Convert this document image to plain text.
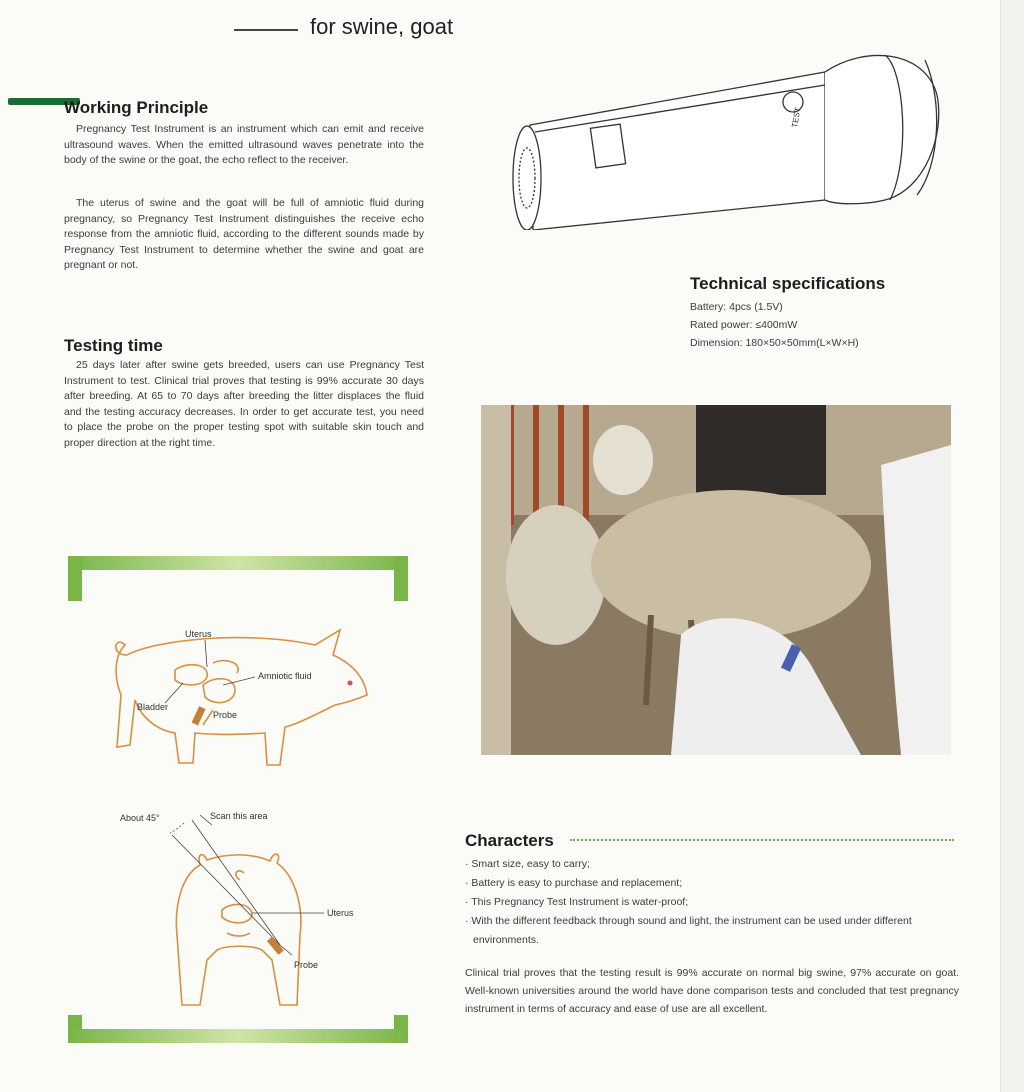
for swine, goat
Working Principle

Pregnancy Test Instrument is an instrument which can emit and receive ultrasound waves. When the emitted ultrasound waves penetrate into the body of the swine or the goat, the echo reflect to the receiver.

The uterus of swine and the goat will be full of amniotic fluid during pregnancy, so Pregnancy Test Instrument distinguishes the receive echo response from the amniotic fluid, according to the different sounds made by Pregnancy Test Instrument to determine whether the swine and goat are pregnant or not.

Testing time

25 days later after swine gets breeded, users can use Pregnancy Test Instrument to test. Clinical trial proves that testing is 99% accurate 30 days after breeding. At 65 to 70 days after breeding the litter displaces the fluid and the testing accuracy decreases. In order to get accurate test, you need to place the probe on the proper testing spot with suitable skin touch and proper direction at the right time.

TEST
Technical specifications
Battery: 4pcs (1.5V)
Rated power: ≤400mW
Dimension: 180×50×50mm(L×W×H)
Uterus
Amniotic fluid
Bladder
Probe
About 45°	Scan this area
Uterus
Probe
Characters
· Smart size, easy to carry;
· Battery is easy to purchase and replacement;
· This Pregnancy Test Instrument is water-proof;
· With the different feedback through sound and light, the instrument can be used under different environments.

Clinical trial proves that the testing result is 99% accurate on normal big swine, 97% accurate on goat. Well-known universities around the world have done comparison tests and concluded that test pregnancy instrument in terms of accuracy and ease of use are all excellent.
